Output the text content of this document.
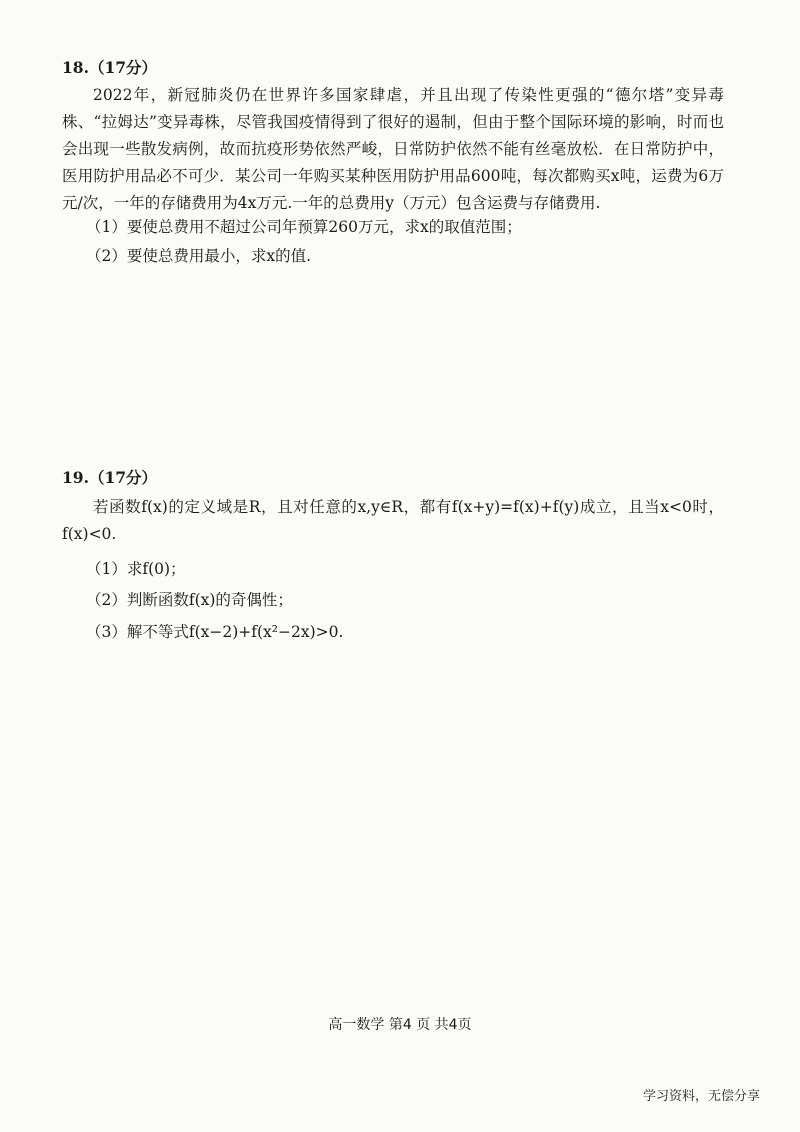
18.（17分）
2022年，新冠肺炎仍在世界许多国家肆虐，并且出现了传染性更强的“德尔塔”变异毒株、“拉姆达”变异毒株，尽管我国疫情得到了很好的遏制，但由于整个国际环境的影响，时而也会出现一些散发病例，故而抗疫形势依然严峻，日常防护依然不能有丝毫放松．在日常防护中，医用防护用品必不可少．某公司一年购买某种医用防护用品600吨，每次都购买x吨，运费为6万元/次，一年的存储费用为4x万元.一年的总费用y（万元）包含运费与存储费用.
（1）要使总费用不超过公司年预算260万元，求x的取值范围；
（2）要使总费用最小，求x的值.
19.（17分）
若函数f(x)的定义域是R，且对任意的x,y∈R，都有f(x+y)=f(x)+f(y)成立，且当x<0时，f(x)<0.
（1）求f(0)；
（2）判断函数f(x)的奇偶性；
（3）解不等式f(x−2)+f(x²−2x)>0.
高一数学 第4 页 共4页
学习资料，无偿分享
